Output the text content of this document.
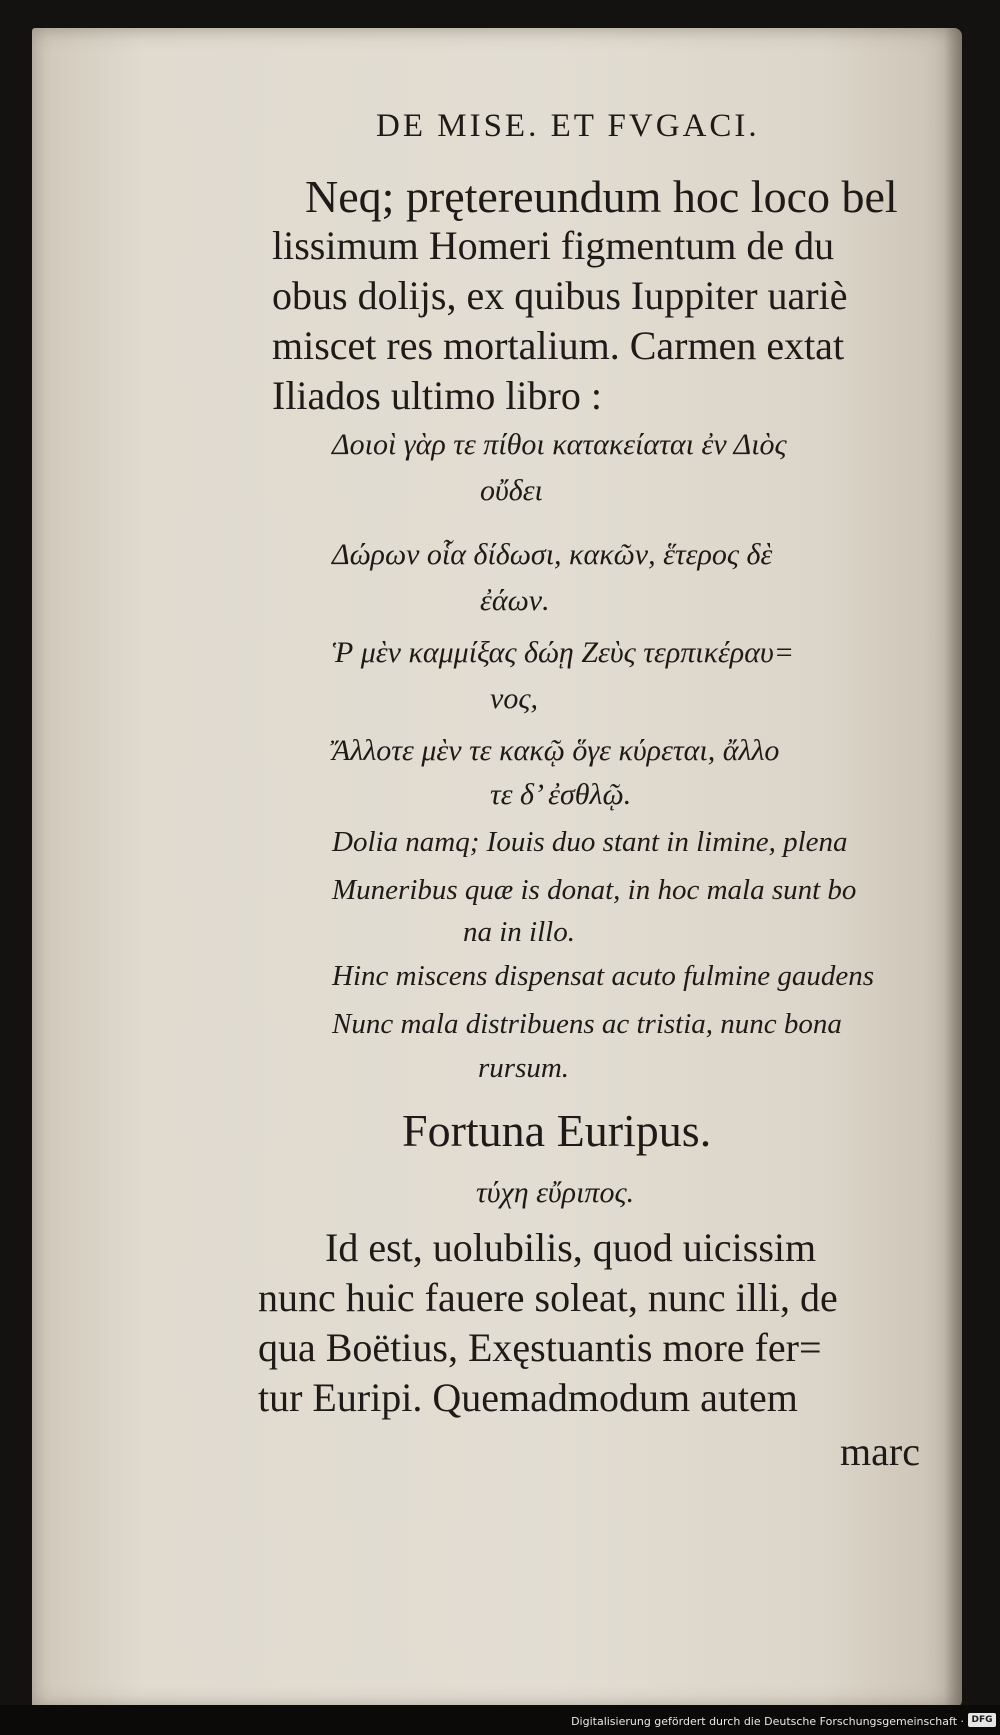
DE MISE. ET FVGACI.
Neq; prętereundum hoc loco bel
lissimum Homeri figmentum de du
obus dolijs, ex quibus Iuppiter uariè
miscet res mortalium. Carmen extat
Iliados ultimo libro :
Δοιοὶ γὰρ τε πίθοι κατακείαται ἐν Διὸς
οὔδει
Δώρων οἷα δίδωσι, κακῶν, ἕτερος δὲ
ἐάων.
Ῥ μὲν καμμίξας δώῃ Ζεὺς τερπικέραυ=
νος,
Ἄλλοτε μὲν τε κακῷ ὅγε κύρεται, ἄλλο
τε δ’ ἐσθλῷ.
Dolia namq; Iouis duo stant in limine, plena
Muneribus quæ is donat, in hoc mala sunt bo
na in illo.
Hinc miscens dispensat acuto fulmine gaudens
Nunc mala distribuens ac tristia, nunc bona
rursum.
Fortuna Euripus.
τύχη εὔριπος.
Id est, uolubilis, quod uicissim
nunc huic fauere soleat, nunc illi, de
qua Boëtius, Exęstuantis more fer=
tur Euripi. Quemadmodum autem
marc
Digitalisierung gefördert durch die Deutsche Forschungsgemeinschaft · DFG
